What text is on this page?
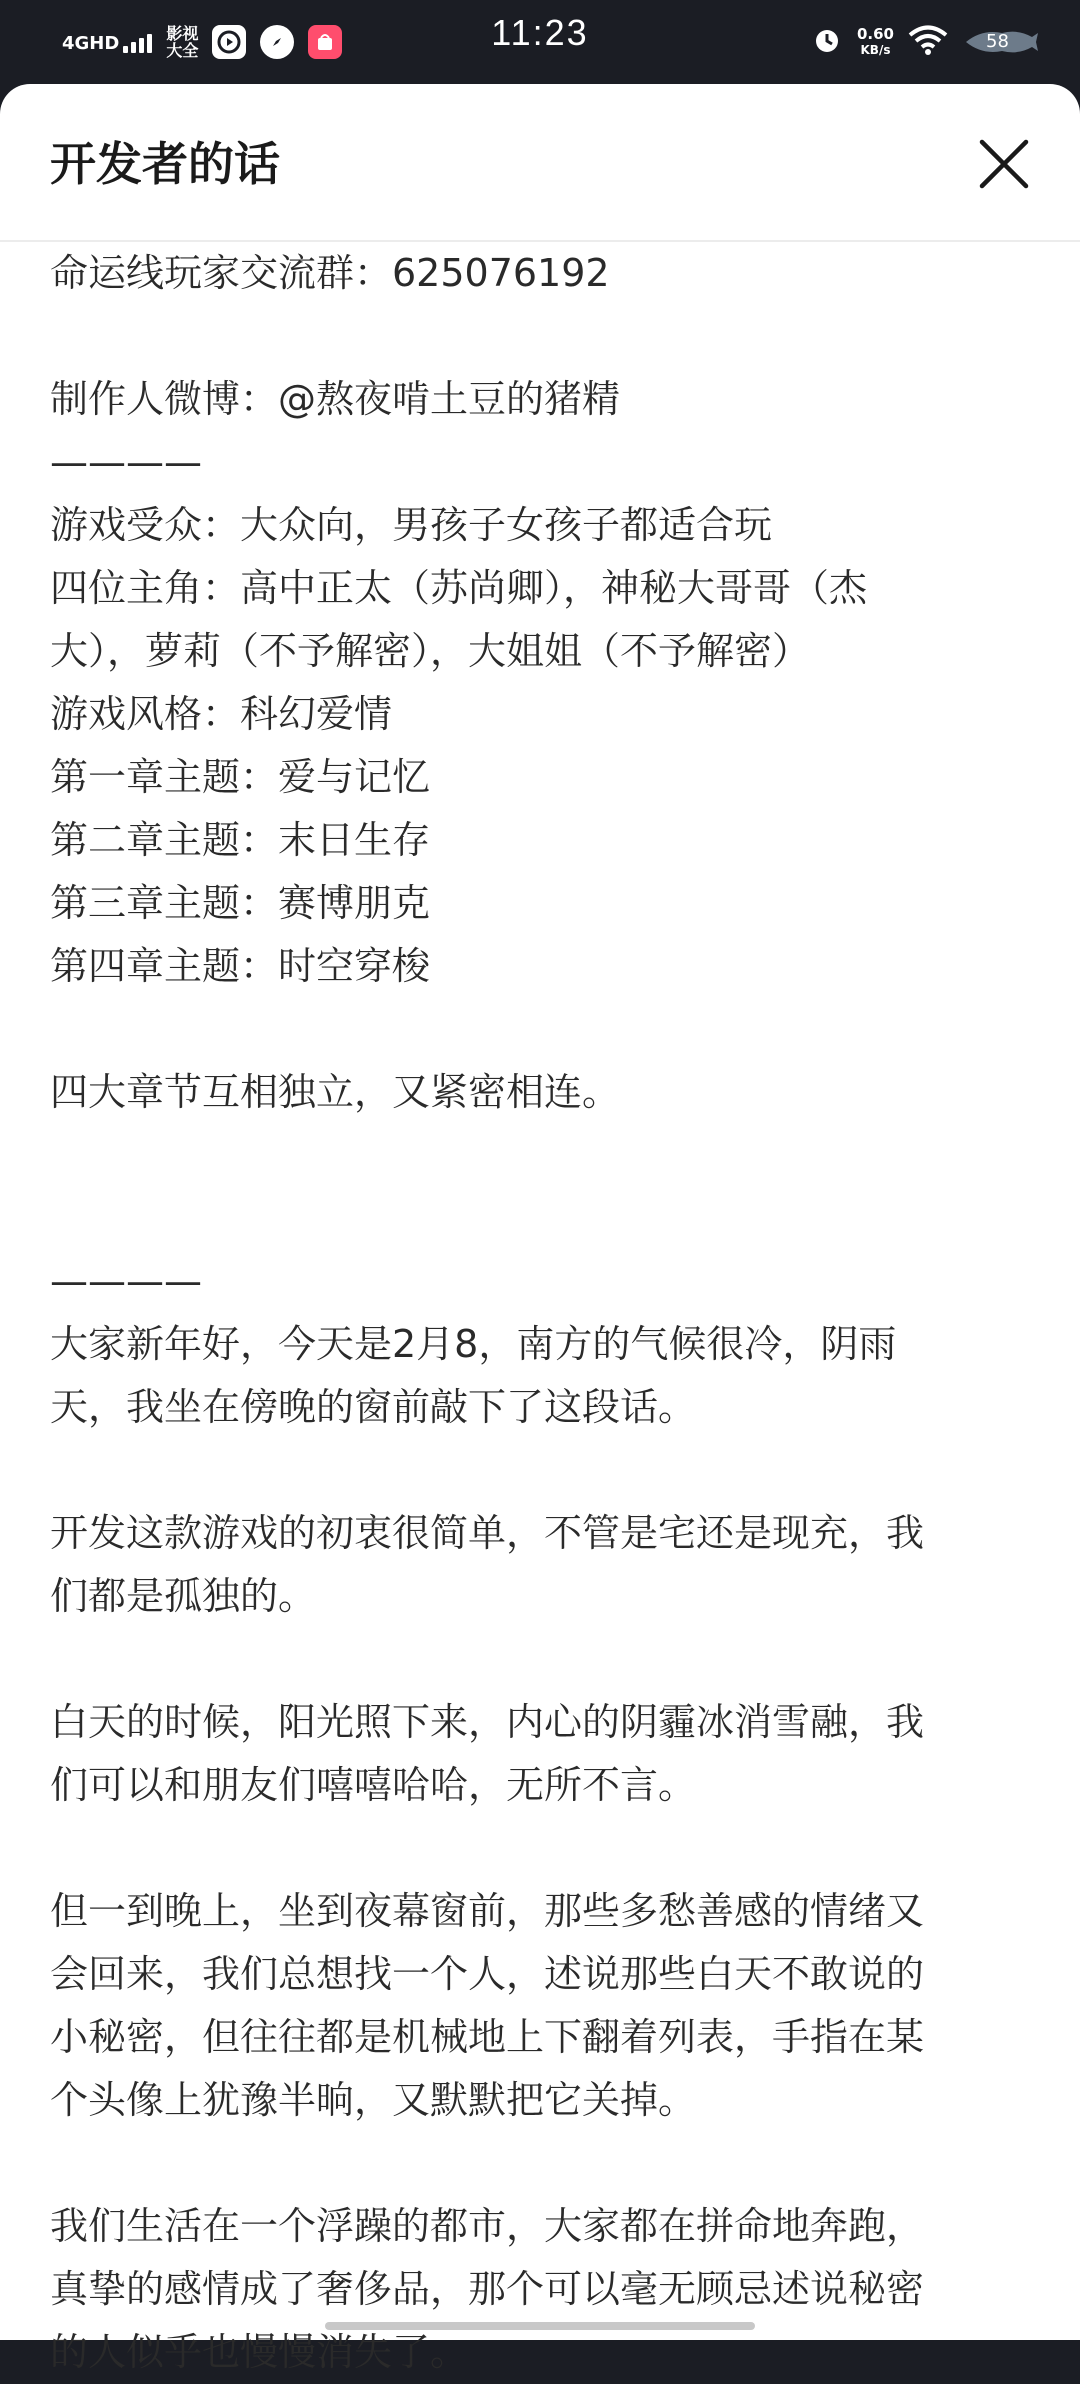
4GHD	影视
大全	11:23	0.60
KB/s	58
开发者的话
命运线玩家交流群：625076192
制作人微博：@熬夜啃土豆的猪精
————
游戏受众：大众向，男孩子女孩子都适合玩
四位主角：高中正太（苏尚卿），神秘大哥哥（杰
大），萝莉（不予解密），大姐姐（不予解密）
游戏风格：科幻爱情
第一章主题：爱与记忆
第二章主题：末日生存
第三章主题：赛博朋克
第四章主题：时空穿梭
四大章节互相独立，又紧密相连。
————
大家新年好，今天是2月8，南方的气候很冷，阴雨
天，我坐在傍晚的窗前敲下了这段话。
开发这款游戏的初衷很简单，不管是宅还是现充，我
们都是孤独的。
白天的时候，阳光照下来，内心的阴霾冰消雪融，我
们可以和朋友们嘻嘻哈哈，无所不言。
但一到晚上，坐到夜幕窗前，那些多愁善感的情绪又
会回来，我们总想找一个人，述说那些白天不敢说的
小秘密，但往往都是机械地上下翻着列表，手指在某
个头像上犹豫半晌，又默默把它关掉。
我们生活在一个浮躁的都市，大家都在拼命地奔跑，
真挚的感情成了奢侈品，那个可以毫无顾忌述说秘密
的人似乎也慢慢消失了。
